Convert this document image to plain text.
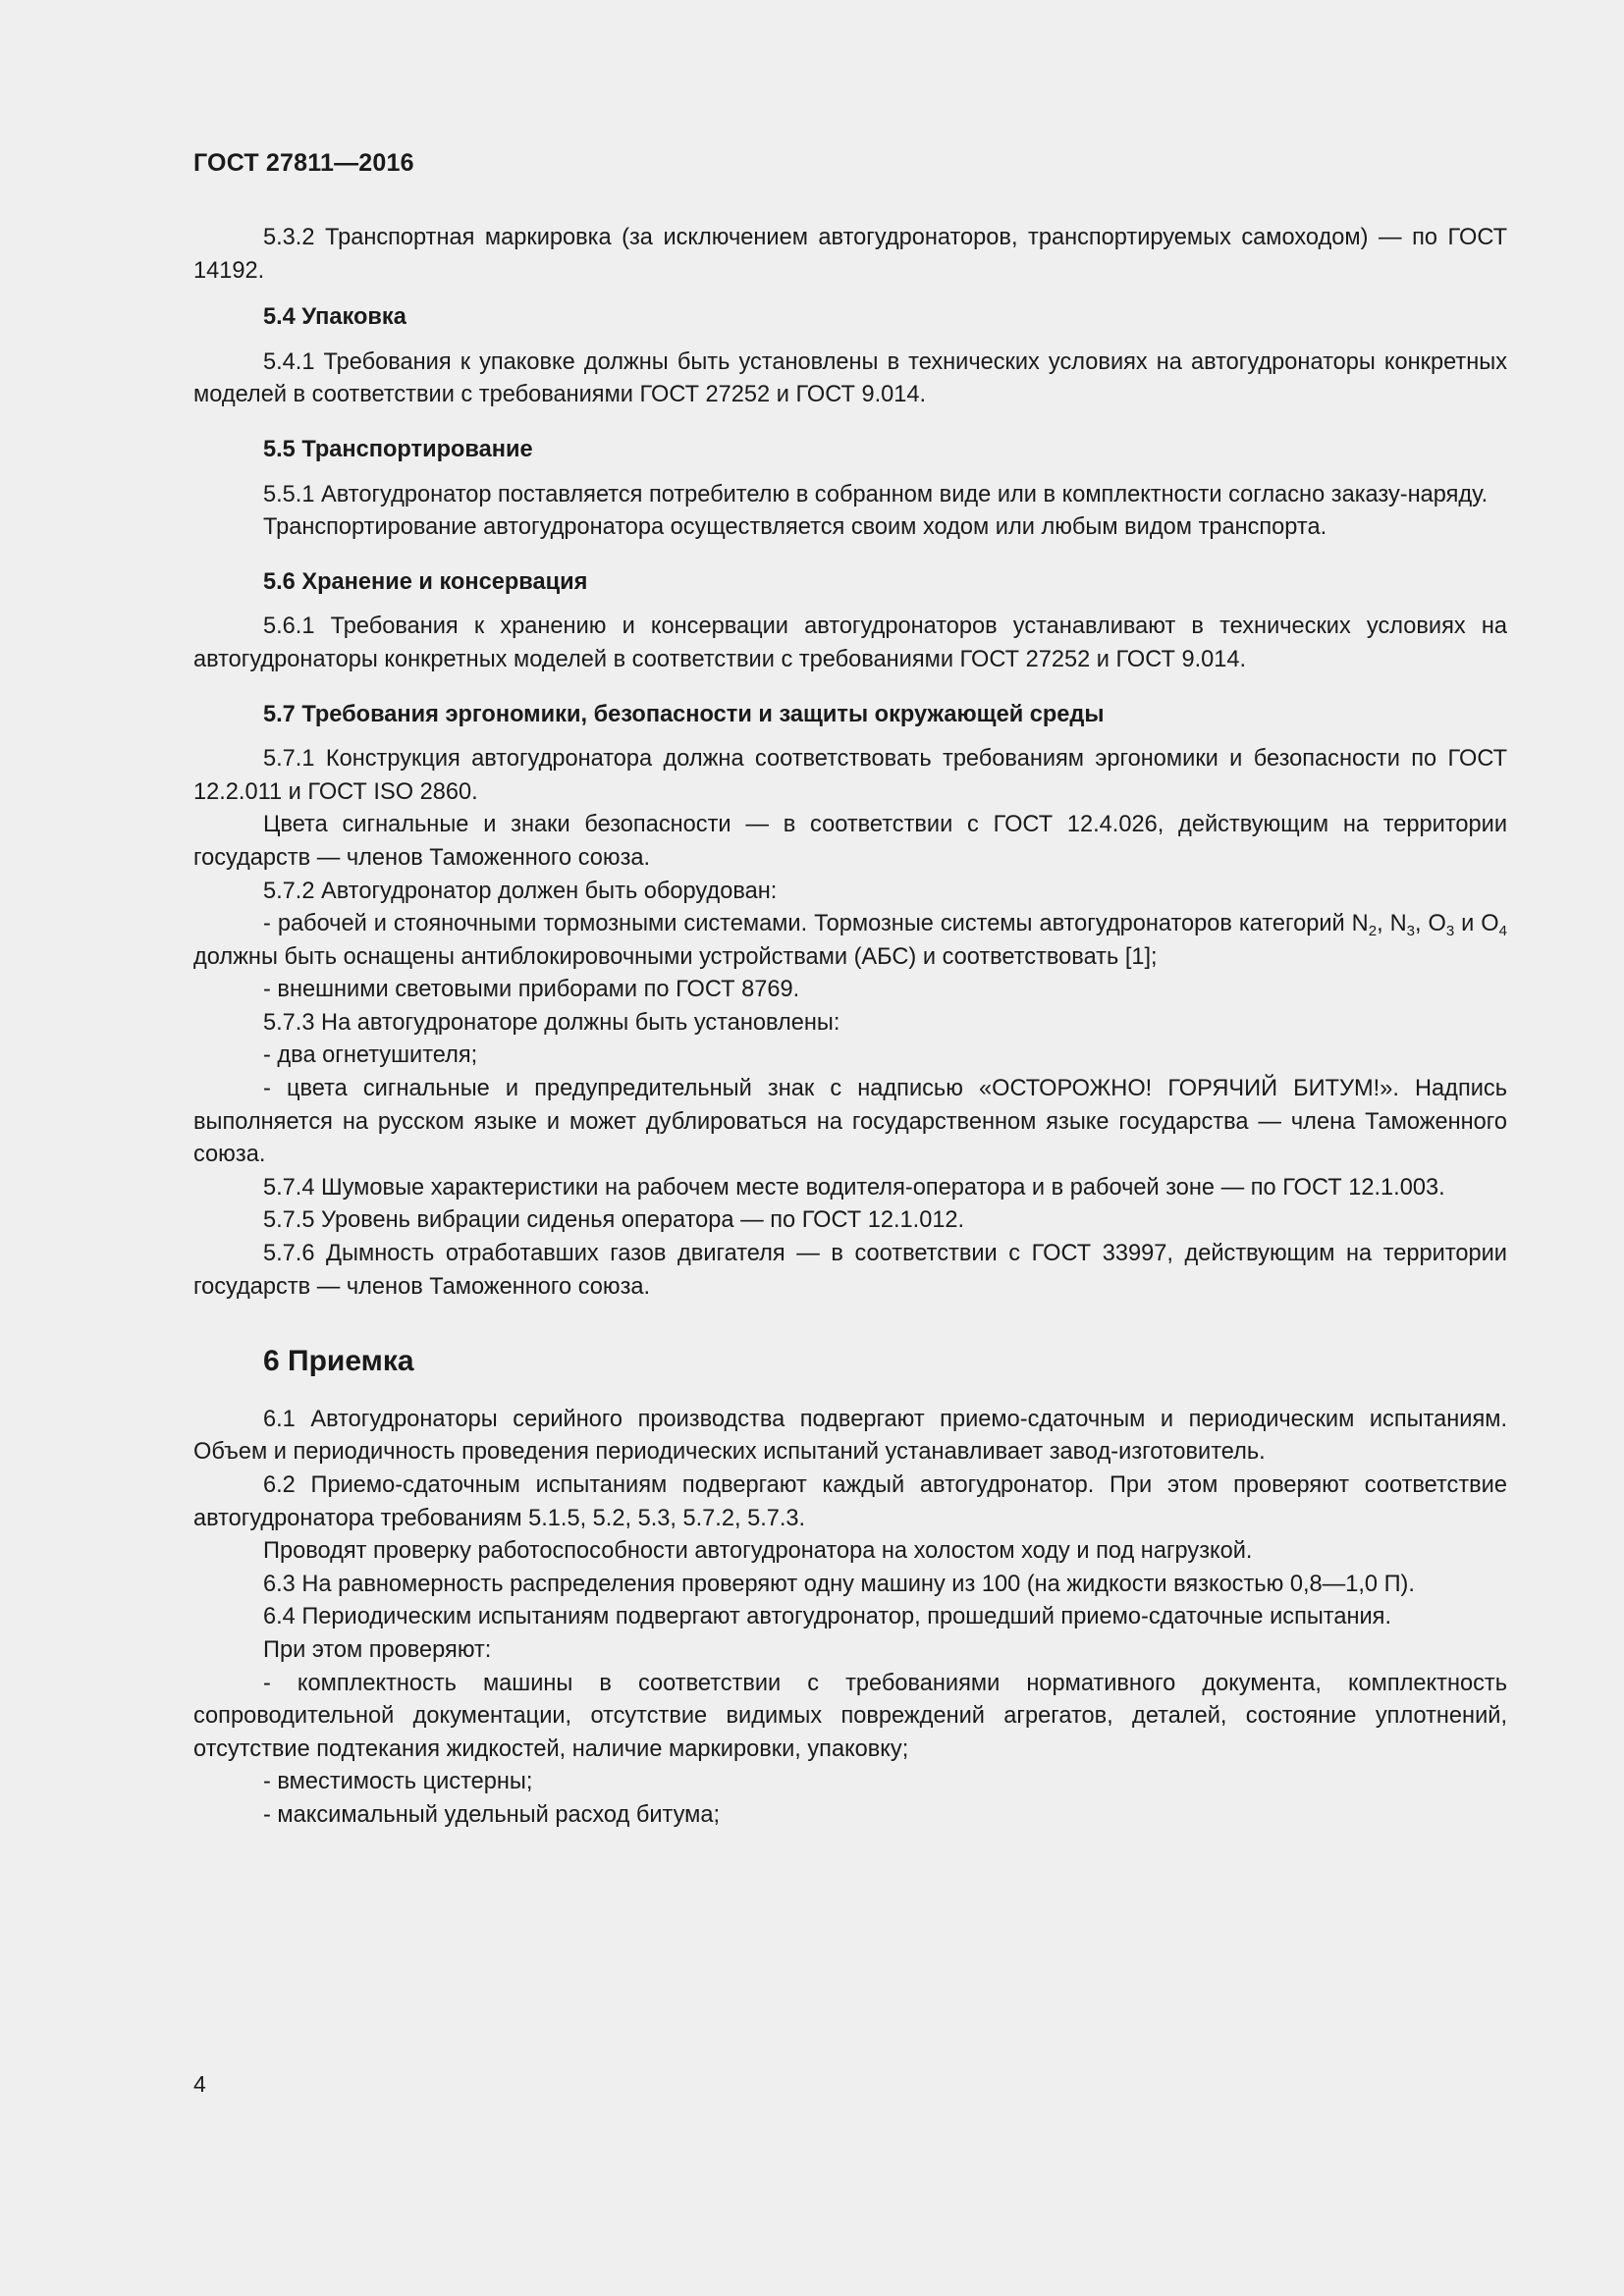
ГОСТ 27811—2016

5.3.2 Транспортная маркировка (за исключением автогудронаторов, транспортируемых самоходом) — по ГОСТ 14192.

5.4 Упаковка

5.4.1 Требования к упаковке должны быть установлены в технических условиях на автогудронаторы конкретных моделей в соответствии с требованиями ГОСТ 27252 и ГОСТ 9.014.

5.5 Транспортирование

5.5.1 Автогудронатор поставляется потребителю в собранном виде или в комплектности согласно заказу-наряду.

Транспортирование автогудронатора осуществляется своим ходом или любым видом транспорта.

5.6 Хранение и консервация

5.6.1 Требования к хранению и консервации автогудронаторов устанавливают в технических условиях на автогудронаторы конкретных моделей в соответствии с требованиями ГОСТ 27252 и ГОСТ 9.014.

5.7 Требования эргономики, безопасности и защиты окружающей среды

5.7.1 Конструкция автогудронатора должна соответствовать требованиям эргономики и безопасности по ГОСТ 12.2.011 и ГОСТ ISO 2860.

Цвета сигнальные и знаки безопасности — в соответствии с ГОСТ 12.4.026, действующим на территории государств — членов Таможенного союза.

5.7.2 Автогудронатор должен быть оборудован:

- рабочей и стояночными тормозными системами. Тормозные системы автогудронаторов категорий $N_2$, $N_3$, $O_3$ и $O_4$ должны быть оснащены антиблокировочными устройствами (АБС) и соответствовать [1];

- внешними световыми приборами по ГОСТ 8769.

5.7.3 На автогудронаторе должны быть установлены:

- два огнетушителя;

- цвета сигнальные и предупредительный знак с надписью «ОСТОРОЖНО! ГОРЯЧИЙ БИТУМ!». Надпись выполняется на русском языке и может дублироваться на государственном языке государства — члена Таможенного союза.

5.7.4 Шумовые характеристики на рабочем месте водителя-оператора и в рабочей зоне — по ГОСТ 12.1.003.

5.7.5 Уровень вибрации сиденья оператора — по ГОСТ 12.1.012.

5.7.6 Дымность отработавших газов двигателя — в соответствии с ГОСТ 33997, действующим на территории государств — членов Таможенного союза.

6 Приемка

6.1 Автогудронаторы серийного производства подвергают приемо-сдаточным и периодическим испытаниям. Объем и периодичность проведения периодических испытаний устанавливает завод-изготовитель.

6.2 Приемо-сдаточным испытаниям подвергают каждый автогудронатор. При этом проверяют соответствие автогудронатора требованиям 5.1.5, 5.2, 5.3, 5.7.2, 5.7.3.

Проводят проверку работоспособности автогудронатора на холостом ходу и под нагрузкой.

6.3 На равномерность распределения проверяют одну машину из 100 (на жидкости вязкостью 0,8—1,0 П).

6.4 Периодическим испытаниям подвергают автогудронатор, прошедший приемо-сдаточные испытания.

При этом проверяют:

- комплектность машины в соответствии с требованиями нормативного документа, комплектность сопроводительной документации, отсутствие видимых повреждений агрегатов, деталей, состояние уплотнений, отсутствие подтекания жидкостей, наличие маркировки, упаковку;

- вместимость цистерны;

- максимальный удельный расход битума;

4
